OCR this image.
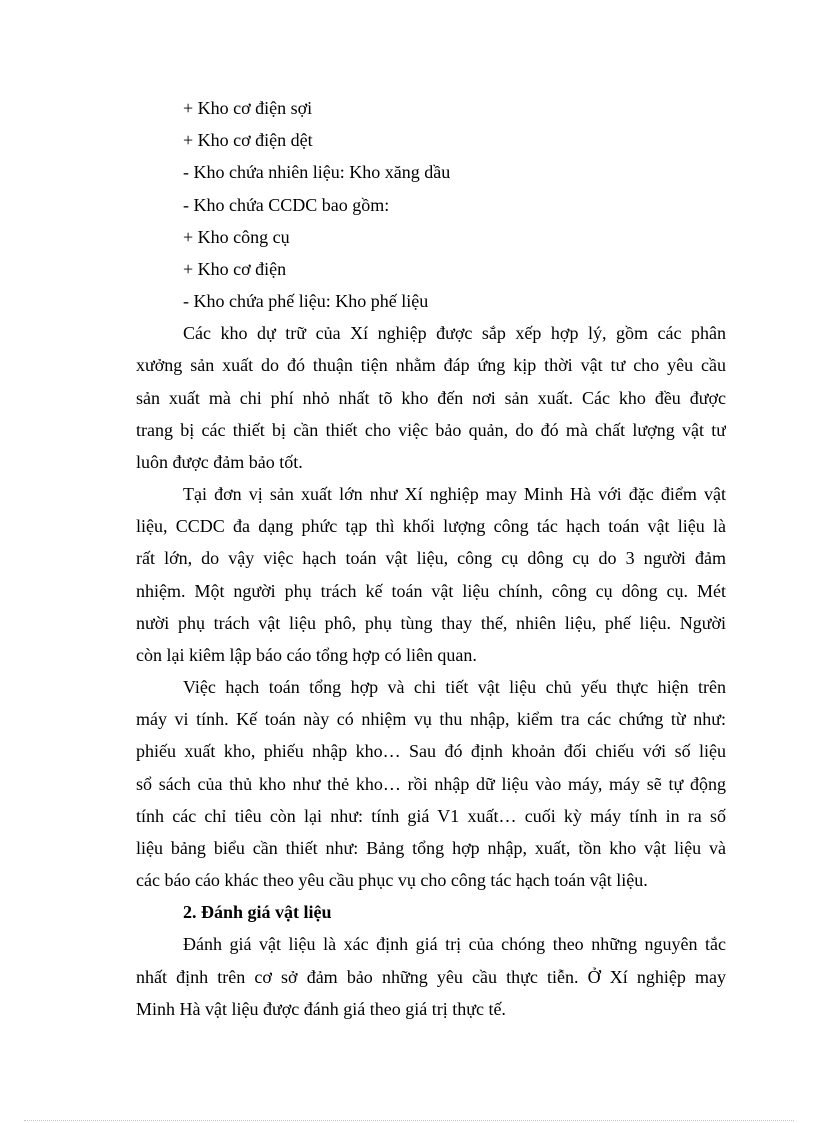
+ Kho cơ điện sợi
+ Kho cơ điện dệt
- Kho chứa nhiên liệu: Kho xăng dầu
- Kho chứa CCDC bao gồm:
+ Kho công cụ
+ Kho cơ điện
- Kho chứa phế liệu: Kho phế liệu
Các kho dự trữ của Xí nghiệp được sắp xếp hợp lý, gồm các phân
xưởng sản xuất do đó thuận tiện nhằm đáp ứng kịp thời vật tư cho yêu cầu
sản xuất mà chi phí nhỏ nhất tõ kho đến nơi sản xuất. Các kho đều được
trang bị các thiết bị cần thiết cho việc bảo quản, do đó mà chất lượng vật tư
luôn được đảm bảo tốt.
Tại đơn vị sản xuất lớn như Xí nghiệp may Minh Hà với đặc điểm vật
liệu, CCDC đa dạng phức tạp thì khối lượng công tác hạch toán vật liệu là
rất lớn, do vậy việc hạch toán vật liệu, công cụ dông cụ do 3 người đảm
nhiệm. Một người phụ trách kế toán vật liệu chính, công cụ dông cụ. Mét
nười phụ trách vật liệu phô, phụ tùng thay thế, nhiên liệu, phế liệu. Người
còn lại kiêm lập báo cáo tổng hợp có liên quan.
Việc hạch toán tổng hợp và chi tiết vật liệu chủ yếu thực hiện trên
máy vi tính. Kế toán này có nhiệm vụ thu nhập, kiểm tra các chứng từ như:
phiếu xuất kho, phiếu nhập kho… Sau đó định khoản đối chiếu với số liệu
sổ sách của thủ kho như thẻ kho… rồi nhập dữ liệu vào máy, máy sẽ tự động
tính các chỉ tiêu còn lại như: tính giá V1 xuất… cuối kỳ máy tính in ra số
liệu bảng biểu cần thiết như: Bảng tổng hợp nhập, xuất, tồn kho vật liệu và
các báo cáo khác theo yêu cầu phục vụ cho công tác hạch toán vật liệu.
2. Đánh giá vật liệu
Đánh giá vật liệu là xác định giá trị của chóng theo những nguyên tắc
nhất định trên cơ sở đảm bảo những yêu cầu thực tiễn. Ở Xí nghiệp may
Minh Hà vật liệu được đánh giá theo giá trị thực tế.
